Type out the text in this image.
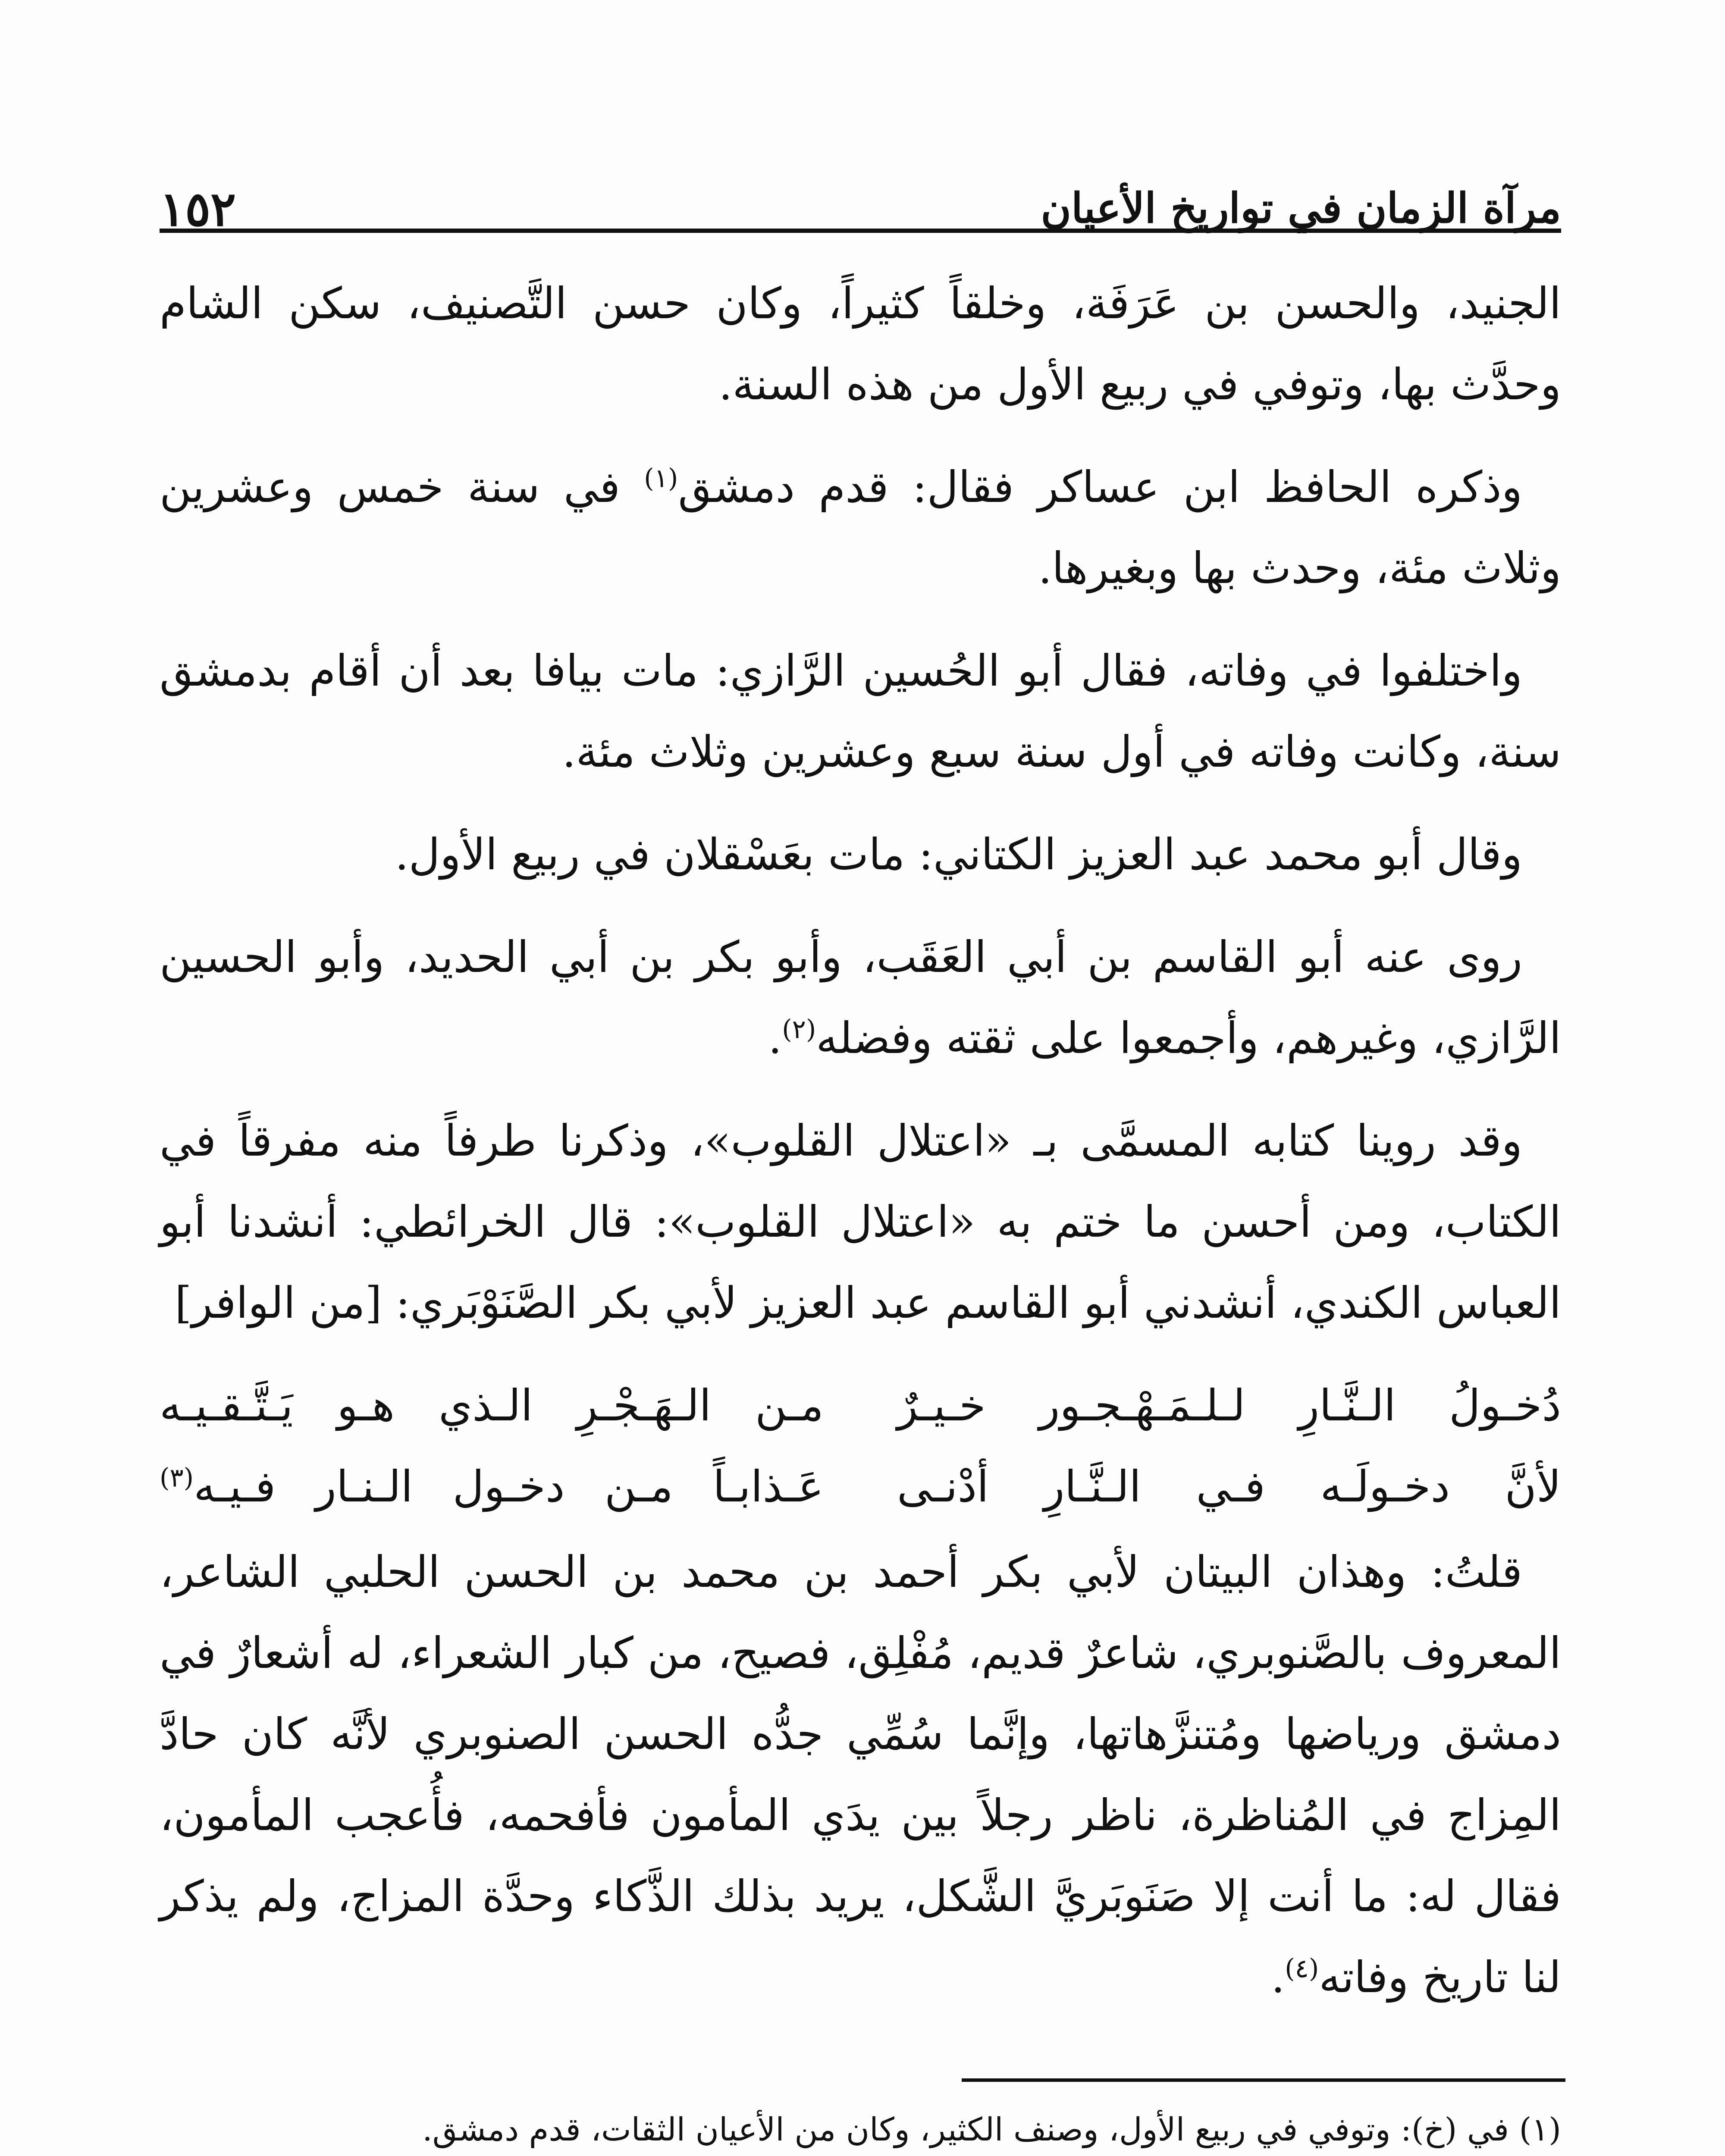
١٥٢	مرآة الزمان في تواريخ الأعيان

الجنيد، والحسن بن عَرَفَة، وخلقاً كثيراً، وكان حسن التَّصنيف، سكن الشام وحدَّث بها، وتوفي في ربيع الأول من هذه السنة.

وذكره الحافظ ابن عساكر فقال: قدم دمشق$^{(١)}$ في سنة خمس وعشرين وثلاث مئة، وحدث بها وبغيرها.

واختلفوا في وفاته، فقال أبو الحُسين الرَّازي: مات بيافا بعد أن أقام بدمشق سنة، وكانت وفاته في أول سنة سبع وعشرين وثلاث مئة.

وقال أبو محمد عبد العزيز الكتاني: مات بعَسْقلان في ربيع الأول.

روى عنه أبو القاسم بن أبي العَقَب، وأبو بكر بن أبي الحديد، وأبو الحسين الرَّازي، وغيرهم، وأجمعوا على ثقته وفضله$^{(٢)}$.

وقد روينا كتابه المسمَّى بـ «اعتلال القلوب»، وذكرنا طرفاً منه مفرقاً في الكتاب، ومن أحسن ما ختم به «اعتلال القلوب»: قال الخرائطي: أنشدنا أبو العباس الكندي، أنشدني أبو القاسم عبد العزيز لأبي بكر الصَّنَوْبَري: [من الوافر]

دُخـولُ الـنَّـارِ لـلـمَـهْـجـور خـيـرٌ
مـن الـهَـجْـرِ الـذي هـو يَـتَّـقـيـه
لأنَّ دخـولَـه فـي الـنَّـارِ أدْنـى
عَـذابـاً مـن دخـول الـنـار فـيـه$^{(٣)}$

قلتُ: وهذان البيتان لأبي بكر أحمد بن محمد بن الحسن الحلبي الشاعر، المعروف بالصَّنوبري، شاعرٌ قديم، مُفْلِق، فصيح، من كبار الشعراء، له أشعارٌ في دمشق ورياضها ومُتنزَّهاتها، وإنَّما سُمِّي جدُّه الحسن الصنوبري لأنَّه كان حادَّ المِزاج في المُناظرة، ناظر رجلاً بين يدَي المأمون فأفحمه، فأُعجب المأمون، فقال له: ما أنت إلا صَنَوبَريَّ الشَّكل، يريد بذلك الذَّكاء وحدَّة المزاج، ولم يذكر لنا تاريخ وفاته$^{(٤)}$.

(١) في (خ): وتوفي في ربيع الأول، وصنف الكثير، وكان من الأعيان الثقات، قدم دمشق.
